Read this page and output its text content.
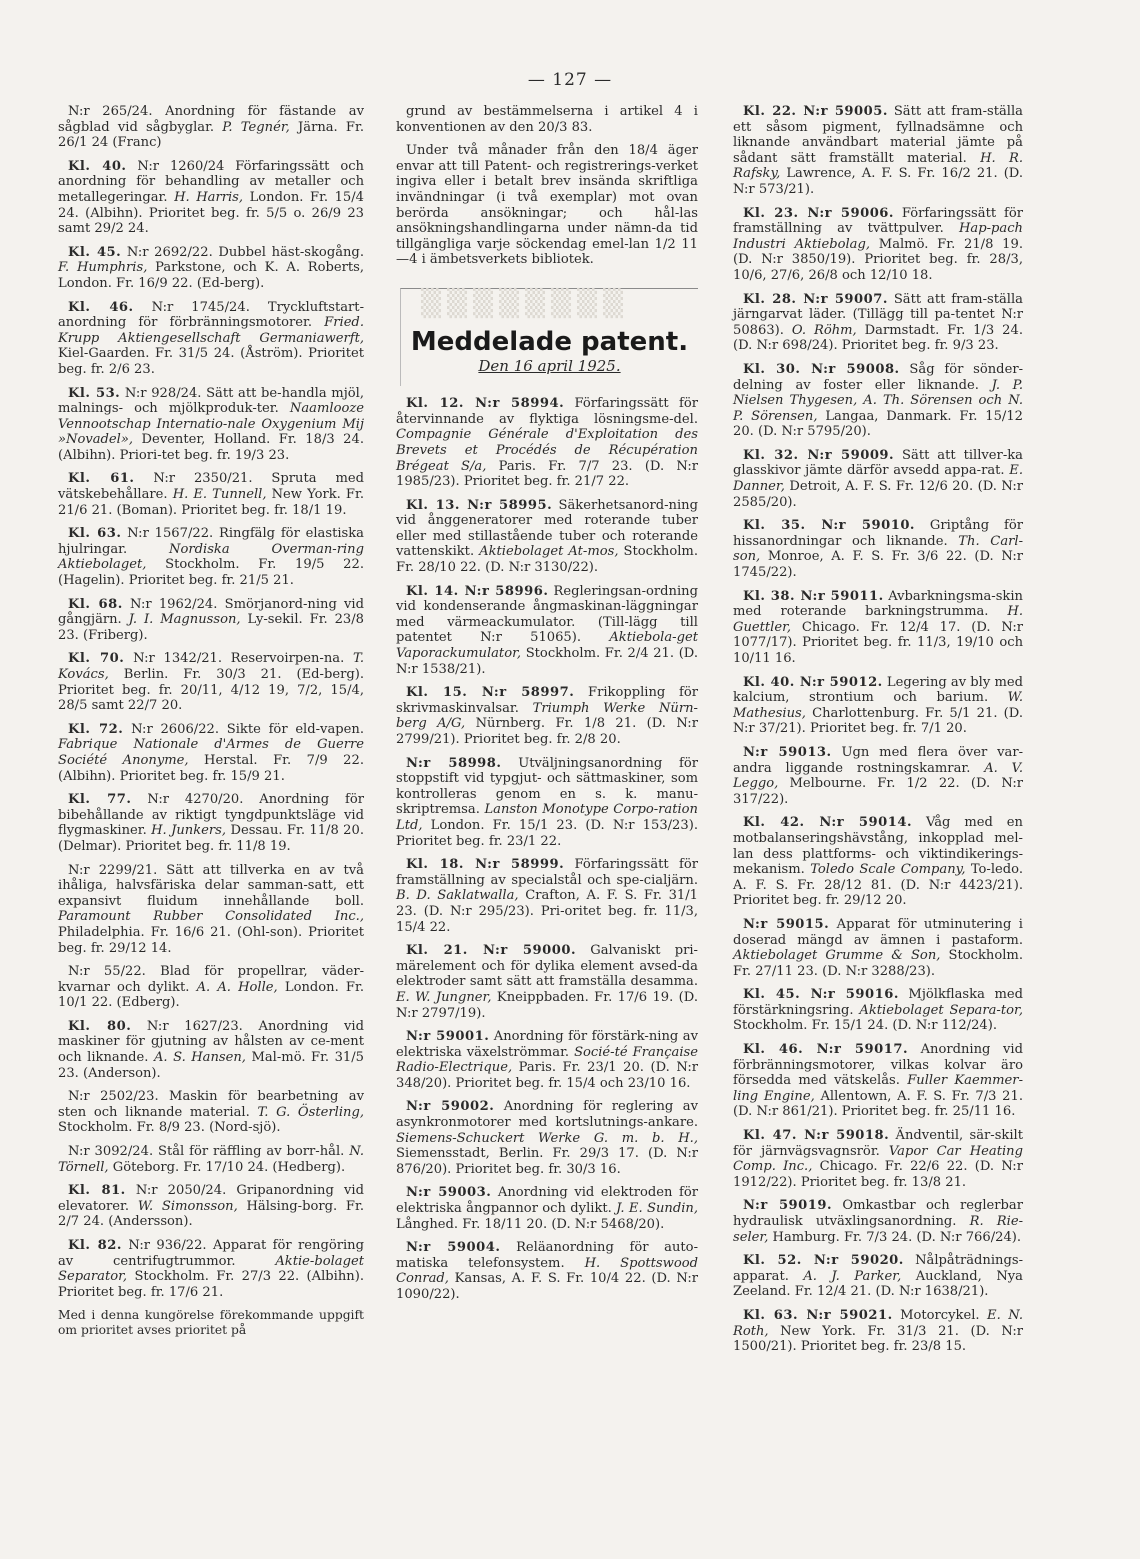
— 127 —

N:r 265/24. Anordning för fästande av sågblad vid sågbyglar. P. Tegnér, Järna. Fr. 26/1 24 (Franc)

Kl. 40. N:r 1260/24 Förfaringssätt och anordning för behandling av metaller och metallegeringar. H. Harris, London. Fr. 15/4 24. (Albihn). Prioritet beg. fr. 5/5 o. 26/9 23 samt 29/2 24.

Kl. 45. N:r 2692/22. Dubbel häst-skogång. F. Humphris, Parkstone, och K. A. Roberts, London. Fr. 16/9 22. (Ed-berg).

Kl. 46. N:r 1745/24. Tryckluftstart-anordning för förbränningsmotorer. Fried. Krupp Aktiengesellschaft Germaniawerft, Kiel-Gaarden. Fr. 31/5 24. (Åström). Prioritet beg. fr. 2/6 23.

Kl. 53. N:r 928/24. Sätt att be-handla mjöl, malnings- och mjölkproduk-ter. Naamlooze Vennootschap Internatio-nale Oxygenium Mij »Novadel», Deventer, Holland. Fr. 18/3 24. (Albihn). Priori-tet beg. fr. 19/3 23.

Kl. 61. N:r 2350/21. Spruta med vätskebehållare. H. E. Tunnell, New York. Fr. 21/6 21. (Boman). Prioritet beg. fr. 18/1 19.

Kl. 63. N:r 1567/22. Ringfälg för elastiska hjulringar.	Nordiska Overman-ring Aktiebolaget, Stockholm. Fr. 19/5 22. (Hagelin). Prioritet beg. fr. 21/5 21.

Kl. 68. N:r 1962/24. Smörjanord-ning vid gångjärn. J. I. Magnusson, Ly-sekil. Fr. 23/8 23. (Friberg).

Kl. 70. N:r 1342/21. Reservoirpen-na. T. Kovács, Berlin. Fr. 30/3 21. (Ed-berg). Prioritet beg. fr. 20/11, 4/12 19, 7/2, 15/4, 28/5 samt 22/7 20.

Kl. 72. N:r 2606/22. Sikte för eld-vapen. Fabrique Nationale d'Armes de Guerre Société Anonyme, Herstal. Fr. 7/9 22. (Albihn). Prioritet beg. fr. 15/9 21.

Kl. 77. N:r 4270/20. Anordning för bibehållande av riktigt tyngdpunktsläge vid flygmaskiner. H. Junkers, Dessau. Fr. 11/8 20. (Delmar). Prioritet beg. fr. 11/8 19.

N:r 2299/21. Sätt att tillverka en av två ihåliga, halvsfäriska delar samman-satt, ett expansivt fluidum innehållande boll. Paramount Rubber Consolidated Inc., Philadelphia. Fr. 16/6 21. (Ohl-son). Prioritet beg. fr. 29/12 14.

N:r 55/22. Blad för propellrar, väder-kvarnar och dylikt. A. A. Holle, London. Fr. 10/1 22. (Edberg).

Kl. 80. N:r 1627/23. Anordning vid maskiner för gjutning av hålsten av ce-ment och liknande. A. S. Hansen, Mal-mö. Fr. 31/5 23. (Anderson).

N:r 2502/23. Maskin för bearbetning av sten och liknande material. T. G. Österling, Stockholm. Fr. 8/9 23. (Nord-sjö).

N:r 3092/24. Stål för räffling av borr-hål. N. Törnell, Göteborg. Fr. 17/10 24. (Hedberg).

Kl. 81. N:r 2050/24. Gripanordning vid elevatorer. W. Simonsson, Hälsing-borg. Fr. 2/7 24. (Andersson).

Kl. 82. N:r 936/22. Apparat för rengöring av centrifugtrummor.	Aktie-bolaget Separator, Stockholm. Fr. 27/3 22. (Albihn). Prioritet beg. fr. 17/6 21.

Med i denna kungörelse förekommande uppgift om prioritet avses prioritet på

grund av bestämmelserna i artikel 4 i konventionen av den 20/3 83.

Under två månader från den 18/4 äger envar att till Patent- och registrerings-verket ingiva eller i betalt brev insända skriftliga invändningar (i två exemplar) mot ovan berörda ansökningar; och hål-las ansökningshandlingarna under nämn-da tid tillgängliga varje söckendag emel-lan 1/2 11—4 i ämbetsverkets bibliotek.

▒▒▒▒▒▒▒▒
Meddelade patent.
Den 16 april 1925.

Kl. 12. N:r 58994. Förfaringssätt för återvinnande av flyktiga lösningsme-del. Compagnie Générale d'Exploitation des Brevets et Procédés de Récupération Brégeat S/a, Paris. Fr. 7/7 23. (D. N:r 1985/23). Prioritet beg. fr. 21/7 22.

Kl. 13. N:r 58995. Säkerhetsanord-ning vid ånggeneratorer med roterande tuber eller med stillastående tuber och roterande vattenskikt. Aktiebolaget At-mos, Stockholm. Fr. 28/10 22. (D. N:r 3130/22).

Kl. 14. N:r 58996. Regleringsan-ordning vid kondenserande ångmaskinan-läggningar med värmeackumulator. (Till-lägg till patentet N:r 51065). Aktiebola-get Vaporackumulator, Stockholm. Fr. 2/4 21. (D. N:r 1538/21).

Kl. 15. N:r 58997. Frikoppling för skrivmaskinvalsar. Triumph Werke Nürn-berg A/G, Nürnberg. Fr. 1/8 21. (D. N:r 2799/21). Prioritet beg. fr. 2/8 20.

N:r 58998. Utväljningsanordning för stoppstift vid typgjut- och sättmaskiner, som kontrolleras genom en s. k. manu-skriptremsa. Lanston Monotype Corpo-ration Ltd, London. Fr. 15/1 23. (D. N:r 153/23). Prioritet beg. fr. 23/1 22.

Kl. 18. N:r 58999. Förfaringssätt för framställning av specialstål och spe-cialjärn. B. D. Saklatwalla, Crafton, A. F. S. Fr. 31/1 23. (D. N:r 295/23). Pri-oritet beg. fr. 11/3, 15/4 22.

Kl. 21. N:r 59000. Galvaniskt pri-märelement och för dylika element avsed-da elektroder samt sätt att framställa desamma. E. W. Jungner, Kneippbaden. Fr. 17/6 19. (D. N:r 2797/19).

N:r 59001. Anordning för förstärk-ning av elektriska växelströmmar. Socié-té Française Radio-Electrique, Paris. Fr. 23/1 20. (D. N:r 348/20). Prioritet beg. fr. 15/4 och 23/10 16.

N:r 59002. Anordning för reglering av asynkronmotorer med kortslutnings-ankare. Siemens-Schuckert Werke G. m. b. H., Siemensstadt, Berlin. Fr. 29/3 17. (D. N:r 876/20). Prioritet beg. fr. 30/3 16.

N:r 59003. Anordning vid elektroden för elektriska ångpannor och dylikt. J. E. Sundin, Långhed. Fr. 18/11 20. (D. N:r 5468/20).

N:r 59004. Reläanordning för auto-matiska telefonsystem. H. Spottswood Conrad, Kansas, A. F. S. Fr. 10/4 22. (D. N:r 1090/22).

Kl. 22. N:r 59005. Sätt att fram-ställa ett såsom pigment, fyllnadsämne och liknande användbart material jämte på sådant sätt framställt material. H. R. Rafsky, Lawrence, A. F. S. Fr. 16/2 21. (D. N:r 573/21).

Kl. 23. N:r 59006. Förfaringssätt för framställning av tvättpulver. Hap-pach Industri Aktiebolag, Malmö. Fr. 21/8 19. (D. N:r 3850/19). Prioritet beg. fr. 28/3, 10/6, 27/6, 26/8 och 12/10 18.

Kl. 28. N:r 59007. Sätt att fram-ställa järngarvat läder. (Tillägg till pa-tentet N:r 50863). O. Röhm, Darmstadt. Fr. 1/3 24. (D. N:r 698/24). Prioritet beg. fr. 9/3 23.

Kl. 30. N:r 59008. Såg för sönder-delning av foster eller liknande. J. P. Nielsen Thygesen, A. Th. Sörensen och N. P. Sörensen, Langaa, Danmark. Fr. 15/12 20. (D. N:r 5795/20).

Kl. 32. N:r 59009. Sätt att tillver-ka glasskivor jämte därför avsedd appa-rat. E. Danner, Detroit, A. F. S. Fr. 12/6 20. (D. N:r 2585/20).

Kl. 35. N:r 59010. Griptång för hissanordningar och liknande. Th. Carl-son, Monroe, A. F. S. Fr. 3/6 22. (D. N:r 1745/22).

Kl. 38. N:r 59011. Avbarkningsma-skin med roterande barkningstrumma. H. Guettler, Chicago. Fr. 12/4 17. (D. N:r 1077/17). Prioritet beg. fr. 11/3, 19/10 och 10/11 16.

Kl. 40. N:r 59012. Legering av bly med kalcium, strontium och barium. W. Mathesius, Charlottenburg. Fr. 5/1 21. (D. N:r 37/21). Prioritet beg. fr. 7/1 20.

N:r 59013. Ugn med flera över var-andra liggande rostningskamrar. A. V. Leggo, Melbourne. Fr. 1/2 22. (D. N:r 317/22).

Kl. 42. N:r 59014. Våg med en motbalanseringshävstång, inkopplad mel-lan dess plattforms- och viktindikerings-mekanism. Toledo Scale Company, To-ledo. A. F. S. Fr. 28/12 81. (D. N:r 4423/21). Prioritet beg. fr. 29/12 20.

N:r 59015. Apparat för utminutering i doserad mängd av ämnen i pastaform. Aktiebolaget Grumme & Son, Stockholm. Fr. 27/11 23. (D. N:r 3288/23).

Kl. 45. N:r 59016. Mjölkflaska med förstärkningsring. Aktiebolaget Separa-tor, Stockholm. Fr. 15/1 24. (D. N:r 112/24).

Kl. 46. N:r 59017. Anordning vid förbränningsmotorer, vilkas kolvar äro försedda med vätskelås. Fuller Kaemmer-ling Engine, Allentown, A. F. S. Fr. 7/3 21. (D. N:r 861/21). Prioritet beg. fr. 25/11 16.

Kl. 47. N:r 59018. Ändventil, sär-skilt för järnvägsvagnsrör. Vapor Car Heating Comp. Inc., Chicago. Fr. 22/6 22. (D. N:r 1912/22). Prioritet beg. fr. 13/8 21.

N:r 59019. Omkastbar och reglerbar hydraulisk utväxlingsanordning. R. Rie-seler, Hamburg. Fr. 7/3 24. (D. N:r 766/24).

Kl. 52. N:r 59020. Nålpåträdnings-apparat. A. J. Parker, Auckland, Nya Zeeland. Fr. 12/4 21. (D. N:r 1638/21).

Kl. 63. N:r 59021. Motorcykel. E. N. Roth, New York. Fr. 31/3 21. (D. N:r 1500/21). Prioritet beg. fr. 23/8 15.
